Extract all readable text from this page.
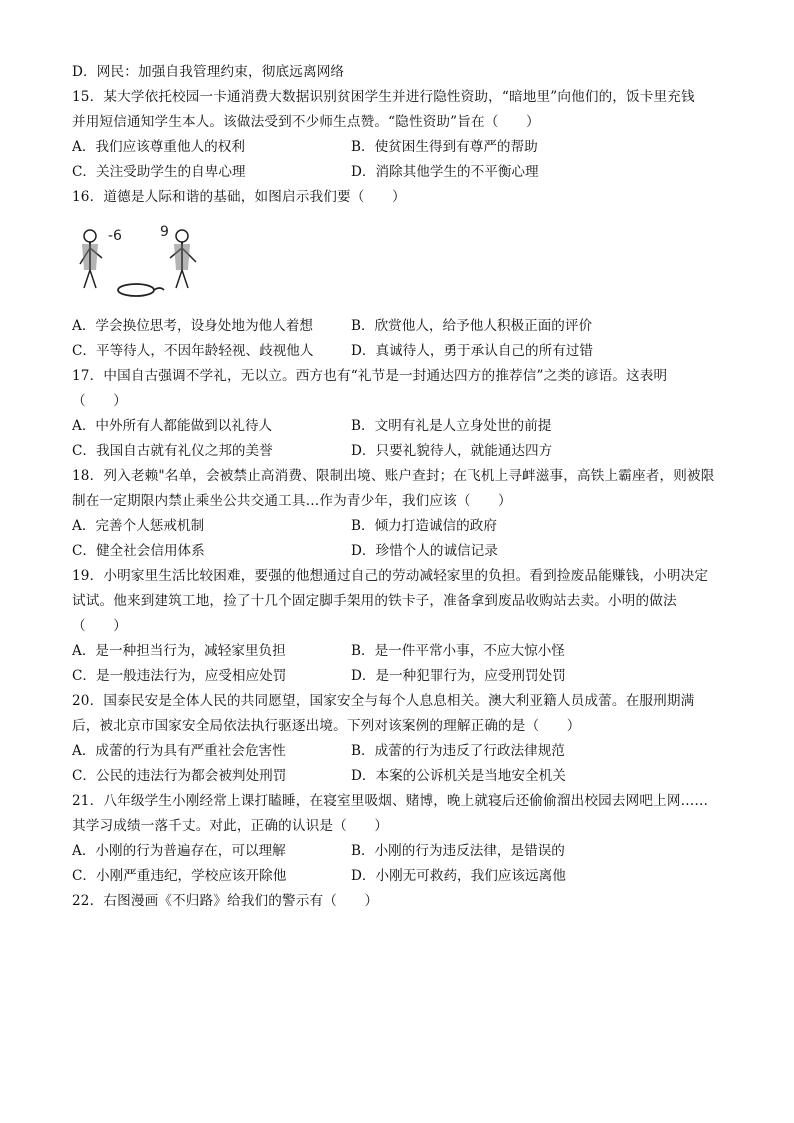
D．网民：加强自我管理约束，彻底远离网络
15．某大学依托校园一卡通消费大数据识别贫困学生并进行隐性资助，“暗地里”向他们的，饭卡里充钱
并用短信通知学生本人。该做法受到不少师生点赞。“隐性资助”旨在（　　）
A．我们应该尊重他人的权利	B．使贫困生得到有尊严的帮助
C．关注受助学生的自卑心理	D．消除其他学生的不平衡心理
16．道德是人际和谐的基础，如图启示我们要（　　）
-6	9
A．学会换位思考，设身处地为他人着想	B．欣赏他人，给予他人积极正面的评价
C．平等待人，不因年龄轻视、歧视他人	D．真诚待人，勇于承认自己的所有过错
17．中国自古强调不学礼，无以立。西方也有“礼节是一封通达四方的推荐信”之类的谚语。这表明
（　　）
A．中外所有人都能做到以礼待人	B．文明有礼是人立身处世的前提
C．我国自古就有礼仪之邦的美誉	D．只要礼貌待人，就能通达四方
18．列入老赖"名单，会被禁止高消费、限制出境、账户查封；在飞机上寻衅滋事，高铁上霸座者，则被限
制在一定期限内禁止乘坐公共交通工具…作为青少年，我们应该（　　）
A．完善个人惩戒机制	B．倾力打造诚信的政府
C．健全社会信用体系	D．珍惜个人的诚信记录
19．小明家里生活比较困难，要强的他想通过自己的劳动减轻家里的负担。看到捡废品能赚钱，小明决定
试试。他来到建筑工地，捡了十几个固定脚手架用的铁卡子，准备拿到废品收购站去卖。小明的做法
（　　）
A．是一种担当行为，减轻家里负担	B．是一件平常小事，不应大惊小怪
C．是一般违法行为，应受相应处罚	D．是一种犯罪行为，应受刑罚处罚
20．国泰民安是全体人民的共同愿望，国家安全与每个人息息相关。澳大利亚籍人员成蕾。在服刑期满
后，被北京市国家安全局依法执行驱逐出境。下列对该案例的理解正确的是（　　）
A．成蕾的行为具有严重社会危害性	B．成蕾的行为违反了行政法律规范
C．公民的违法行为都会被判处刑罚	D．本案的公诉机关是当地安全机关
21．八年级学生小刚经常上课打瞌睡，在寝室里吸烟、赌博，晚上就寝后还偷偷溜出校园去网吧上网……
其学习成绩一落千丈。对此，正确的认识是（　　）
A．小刚的行为普遍存在，可以理解	B．小刚的行为违反法律，是错误的
C．小刚严重违纪，学校应该开除他	D．小刚无可救药，我们应该远离他
22．右图漫画《不归路》给我们的警示有（　　）
